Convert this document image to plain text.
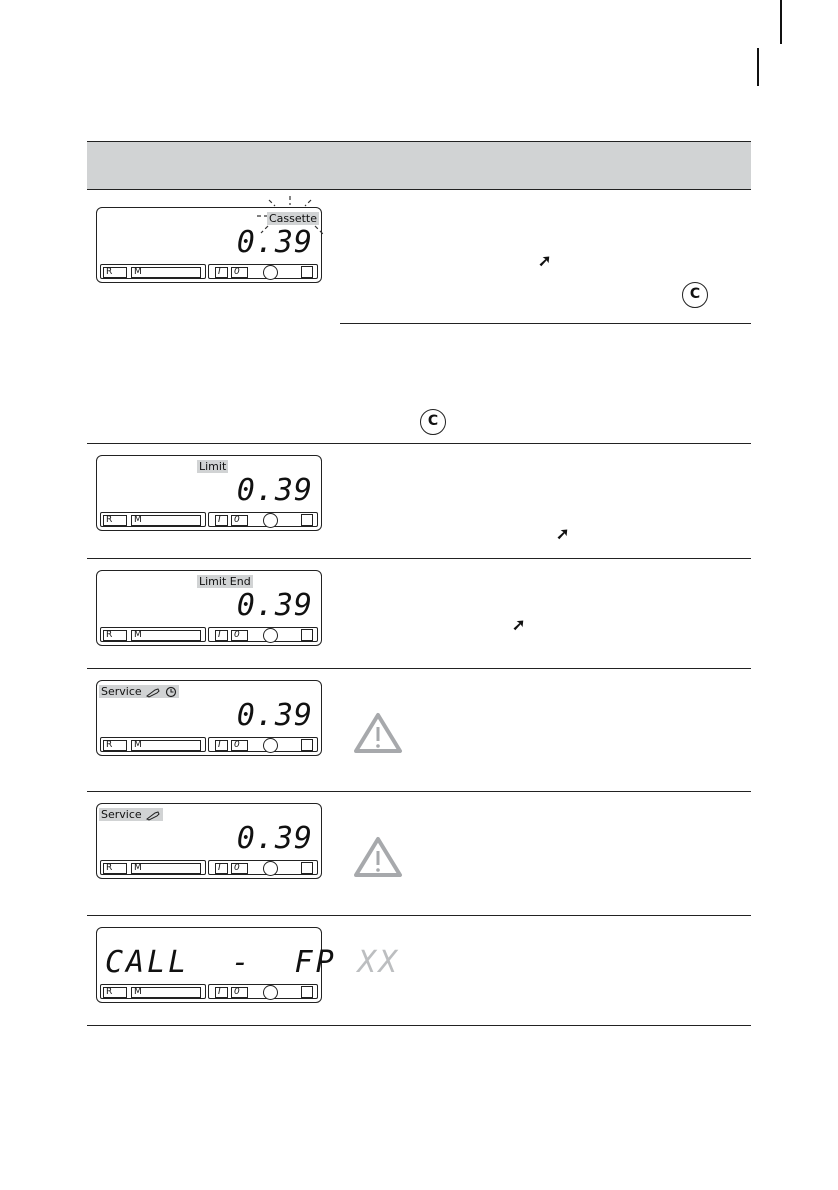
Cassette
0.39
R	M	I	0
➚
C
C
Limit
0.39
R	M	I	0
➚
Limit End
0.39
R	M	I	0
➚
Service
0.39
R	M	I	0
Service
0.39
R	M	I	0
CALL  -  FP XX
R	M	I	0
